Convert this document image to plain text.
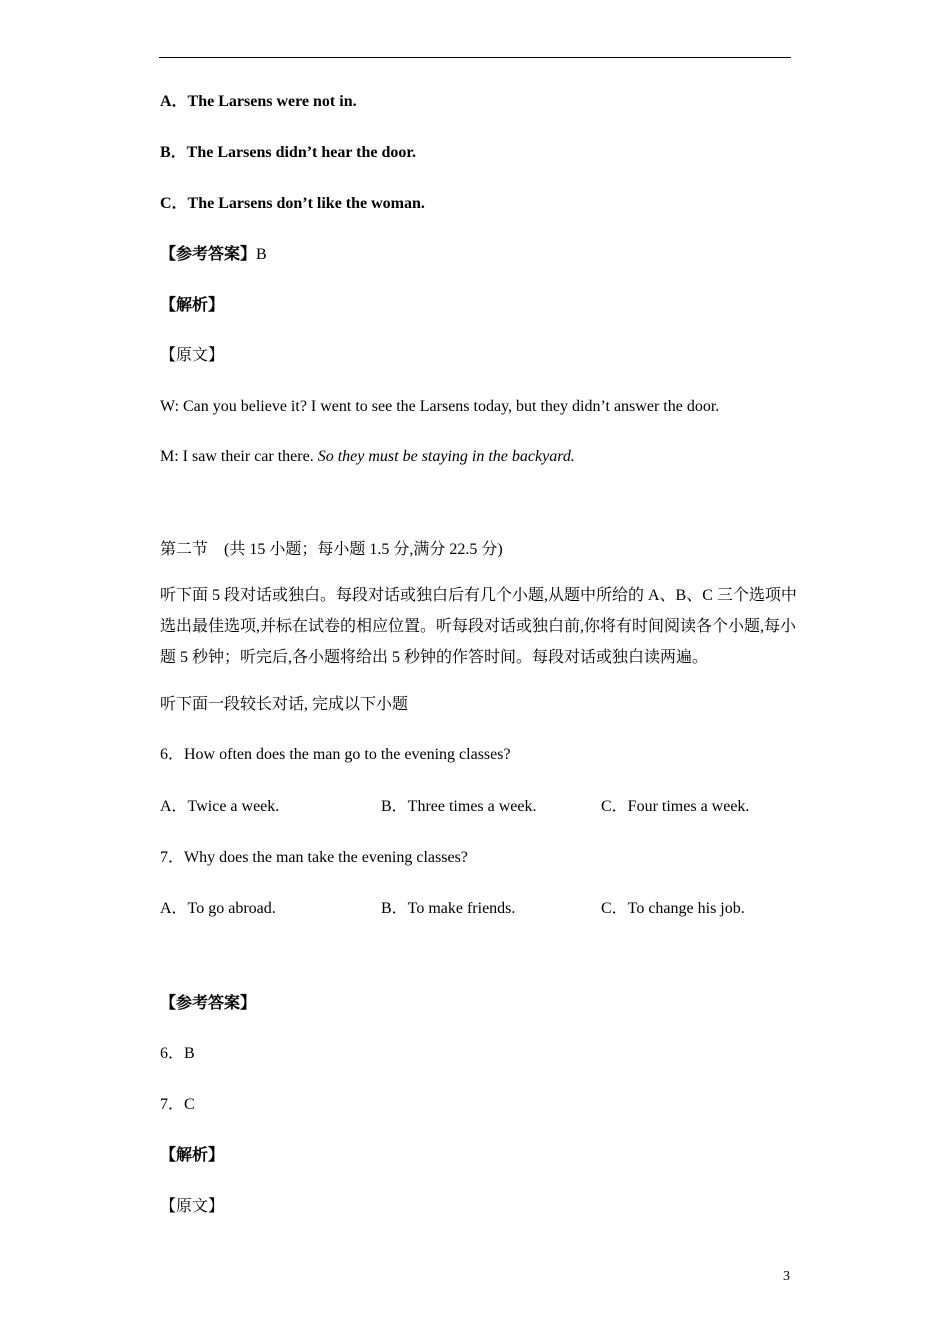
A．The Larsens were not in.
B．The Larsens didn’t hear the door.
C．The Larsens don’t like the woman.
【参考答案】B
【解析】
【原文】
W: Can you believe it? I went to see the Larsens today, but they didn’t answer the door.
M: I saw their car there. So they must be staying in the backyard.
第二节　(共 15 小题；每小题 1.5 分,满分 22.5 分)
听下面 5 段对话或独白。每段对话或独白后有几个小题,从题中所给的 A、B、C 三个选项中选出最佳选项,并标在试卷的相应位置。听每段对话或独白前,你将有时间阅读各个小题,每小题 5 秒钟；听完后,各小题将给出 5 秒钟的作答时间。每段对话或独白读两遍。
听下面一段较长对话, 完成以下小题
6．How often does the man go to the evening classes?
A．Twice a week.	B．Three times a week.	C．Four times a week.
7．Why does the man take the evening classes?
A．To go abroad.	B．To make friends.	C．To change his job.
【参考答案】
6．B
7．C
【解析】
【原文】
3
